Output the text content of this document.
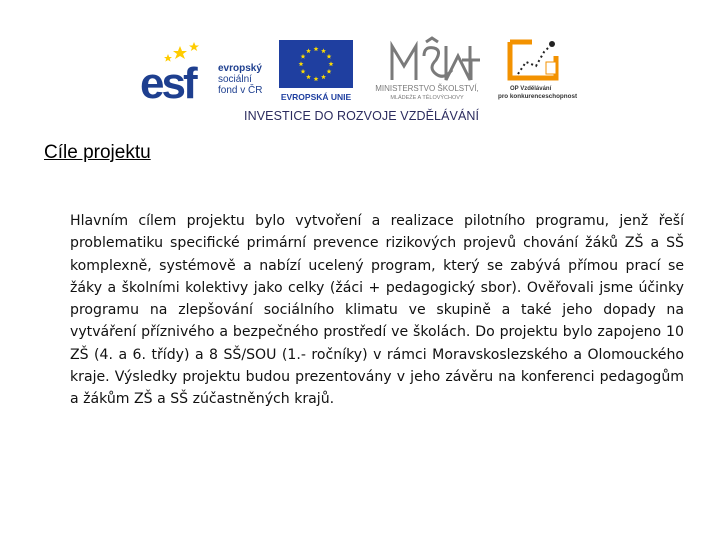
esf	evropský
sociální
fond v ČR
EVROPSKÁ UNIE
MINISTERSTVO ŠKOLSTVÍ,
MLÁDEŽE A TĚLOVÝCHOVY
OP Vzdělávání
pro konkurenceschopnost
INVESTICE DO ROZVOJE VZDĚLÁVÁNÍ
Cíle projektu
Hlavním cílem projektu bylo vytvoření a realizace pilotního programu, jenž řeší problematiku specifické primární prevence rizikových projevů chování žáků ZŠ a SŠ komplexně, systémově a nabízí ucelený program, který se zabývá přímou prací se žáky a školními kolektivy jako celky (žáci + pedagogický sbor). Ověřovali jsme účinky programu na zlepšování sociálního klimatu ve skupině a také jeho dopady na vytváření příznivého a bezpečného prostředí ve školách. Do projektu bylo zapojeno 10 ZŠ (4. a 6. třídy) a 8 SŠ/SOU (1.- ročníky) v rámci Moravskoslezského a Olomouckého kraje. Výsledky projektu budou prezentovány v jeho závěru na konferenci pedagogům a žákům ZŠ a SŠ zúčastněných krajů.
